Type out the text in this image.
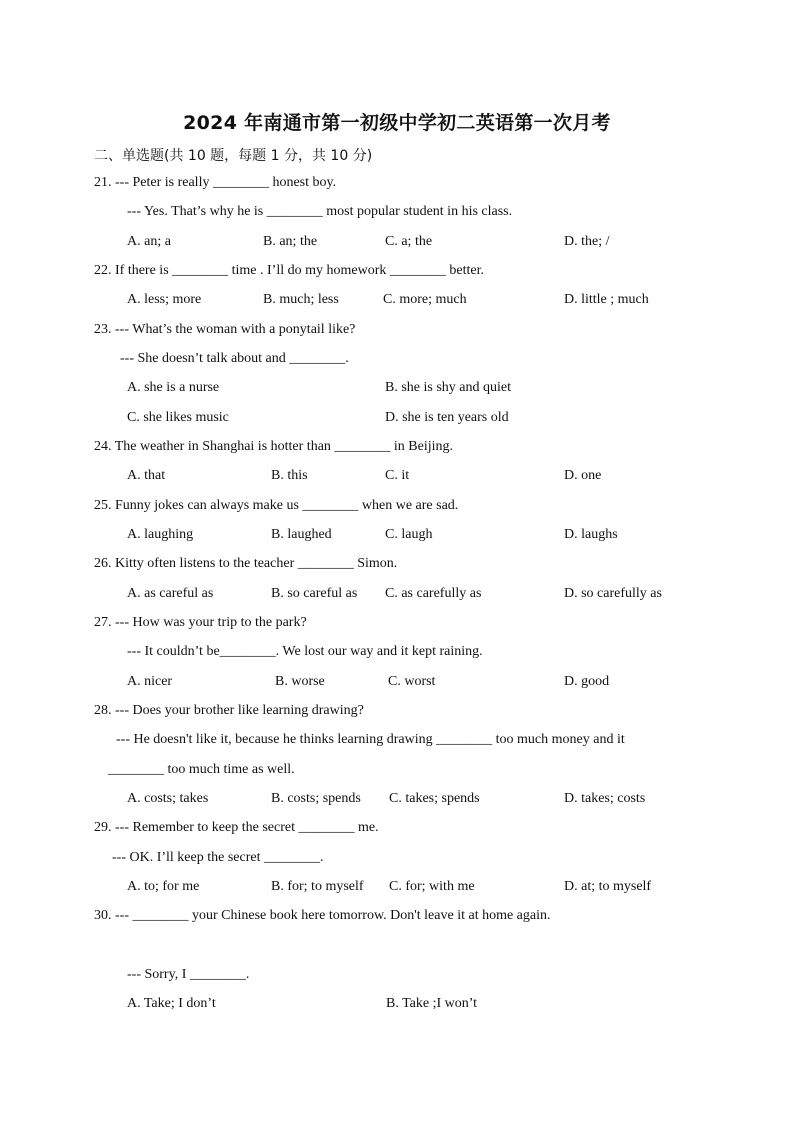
2024 年南通市第一初级中学初二英语第一次月考
二、单选题(共 10 题，每题 1 分，共 10 分)
21. --- Peter is really ________ honest boy.
--- Yes. That’s why he is ________ most popular student in his class.
A. an; a	B. an; the	C. a; the	D. the; /
22. If there is ________ time . I’ll do my homework ________ better.
A. less; more	B. much; less	C. more; much	D. little ; much
23. --- What’s the woman with a ponytail like?
--- She doesn’t talk about and ________.
A. she is a nurse	B. she is shy and quiet
C. she likes music	D. she is ten years old
24. The weather in Shanghai is hotter than ________ in Beijing.
A. that	B. this	C. it	D. one
25. Funny jokes can always make us ________ when we are sad.
A. laughing	B. laughed	C. laugh	D. laughs
26. Kitty often listens to the teacher ________ Simon.
A. as careful as	B. so careful as C. as carefully as	D. so carefully as
27. --- How was your trip to the park?
--- It couldn’t be________. We lost our way and it kept raining.
A. nicer	B. worse	C. worst	D. good
28. --- Does your brother like learning drawing?
--- He doesn't like it, because he thinks learning drawing ________ too much money and it
________ too much time as well.
A. costs; takes	B. costs; spends C. takes; spends	D. takes; costs
29. --- Remember to keep the secret ________ me.
--- OK. I’ll keep the secret ________.
A. to; for me	B. for; to myself C. for; with me	D. at; to myself
30. --- ________ your Chinese book here tomorrow. Don't leave it at home again.
--- Sorry, I ________.
A. Take; I don’t	B. Take ;I won’t
